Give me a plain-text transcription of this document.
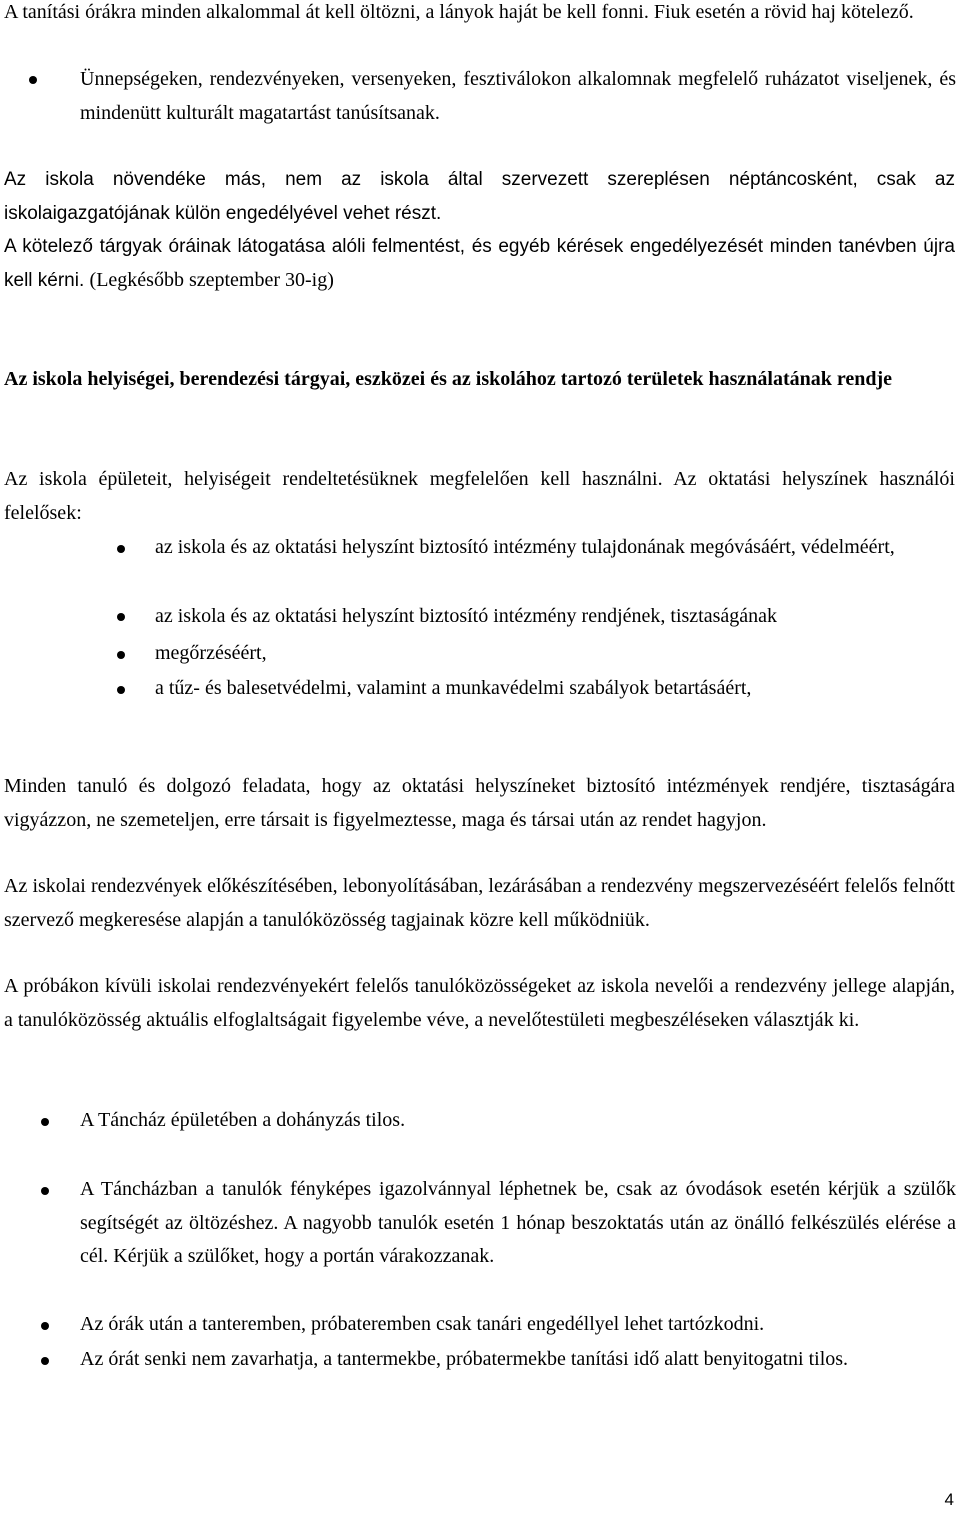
A tanítási órákra minden alkalommal át kell öltözni, a lányok haját be kell fonni. Fiuk esetén a rövid haj kötelező.

Ünnepségeken, rendezvényeken, versenyeken, fesztiválokon alkalomnak megfelelő ruházatot viseljenek, és mindenütt kulturált magatartást tanúsítsanak.

Az iskola növendéke más, nem az iskola által szervezett szereplésen néptáncosként, csak az iskolaigazgatójának külön engedélyével vehet részt.

A kötelező tárgyak óráinak látogatása alóli felmentést, és egyéb kérések engedélyezését minden tanévben újra kell kérni. (Legkésőbb szeptember 30-ig)

Az iskola helyiségei, berendezési tárgyai, eszközei és az iskolához tartozó területek használatának rendje

Az iskola épületeit, helyiségeit rendeltetésüknek megfelelően kell használni. Az oktatási helyszínek használói felelősek:

az iskola és az oktatási helyszínt biztosító intézmény tulajdonának megóvásáért, védelméért,

az iskola és az oktatási helyszínt biztosító intézmény rendjének, tisztaságának

megőrzéséért,

a tűz- és balesetvédelmi, valamint a munkavédelmi szabályok betartásáért,

Minden tanuló és dolgozó feladata, hogy az oktatási helyszíneket biztosító intézmények rendjére, tisztaságára vigyázzon, ne szemeteljen, erre társait is figyelmeztesse, maga és társai után az rendet hagyjon.

Az iskolai rendezvények előkészítésében, lebonyolításában, lezárásában a rendezvény megszervezéséért felelős felnőtt szervező megkeresése alapján a tanulóközösség tagjainak közre kell működniük.

A próbákon kívüli iskolai rendezvényekért felelős tanulóközösségeket az iskola nevelői a rendezvény jellege alapján, a tanulóközösség aktuális elfoglaltságait figyelembe véve, a nevelőtestületi megbeszéléseken választják ki.

A Táncház épületében a dohányzás tilos.

A Táncházban a tanulók fényképes igazolvánnyal léphetnek be, csak az óvodások esetén kérjük a szülők segítségét az öltözéshez. A nagyobb tanulók esetén 1 hónap beszoktatás után az önálló felkészülés elérése a cél. Kérjük a szülőket, hogy a portán várakozzanak.

Az órák után a tanteremben, próbateremben csak tanári engedéllyel lehet tartózkodni.

Az órát senki nem zavarhatja, a tantermekbe, próbatermekbe tanítási idő alatt benyitogatni tilos.

4
